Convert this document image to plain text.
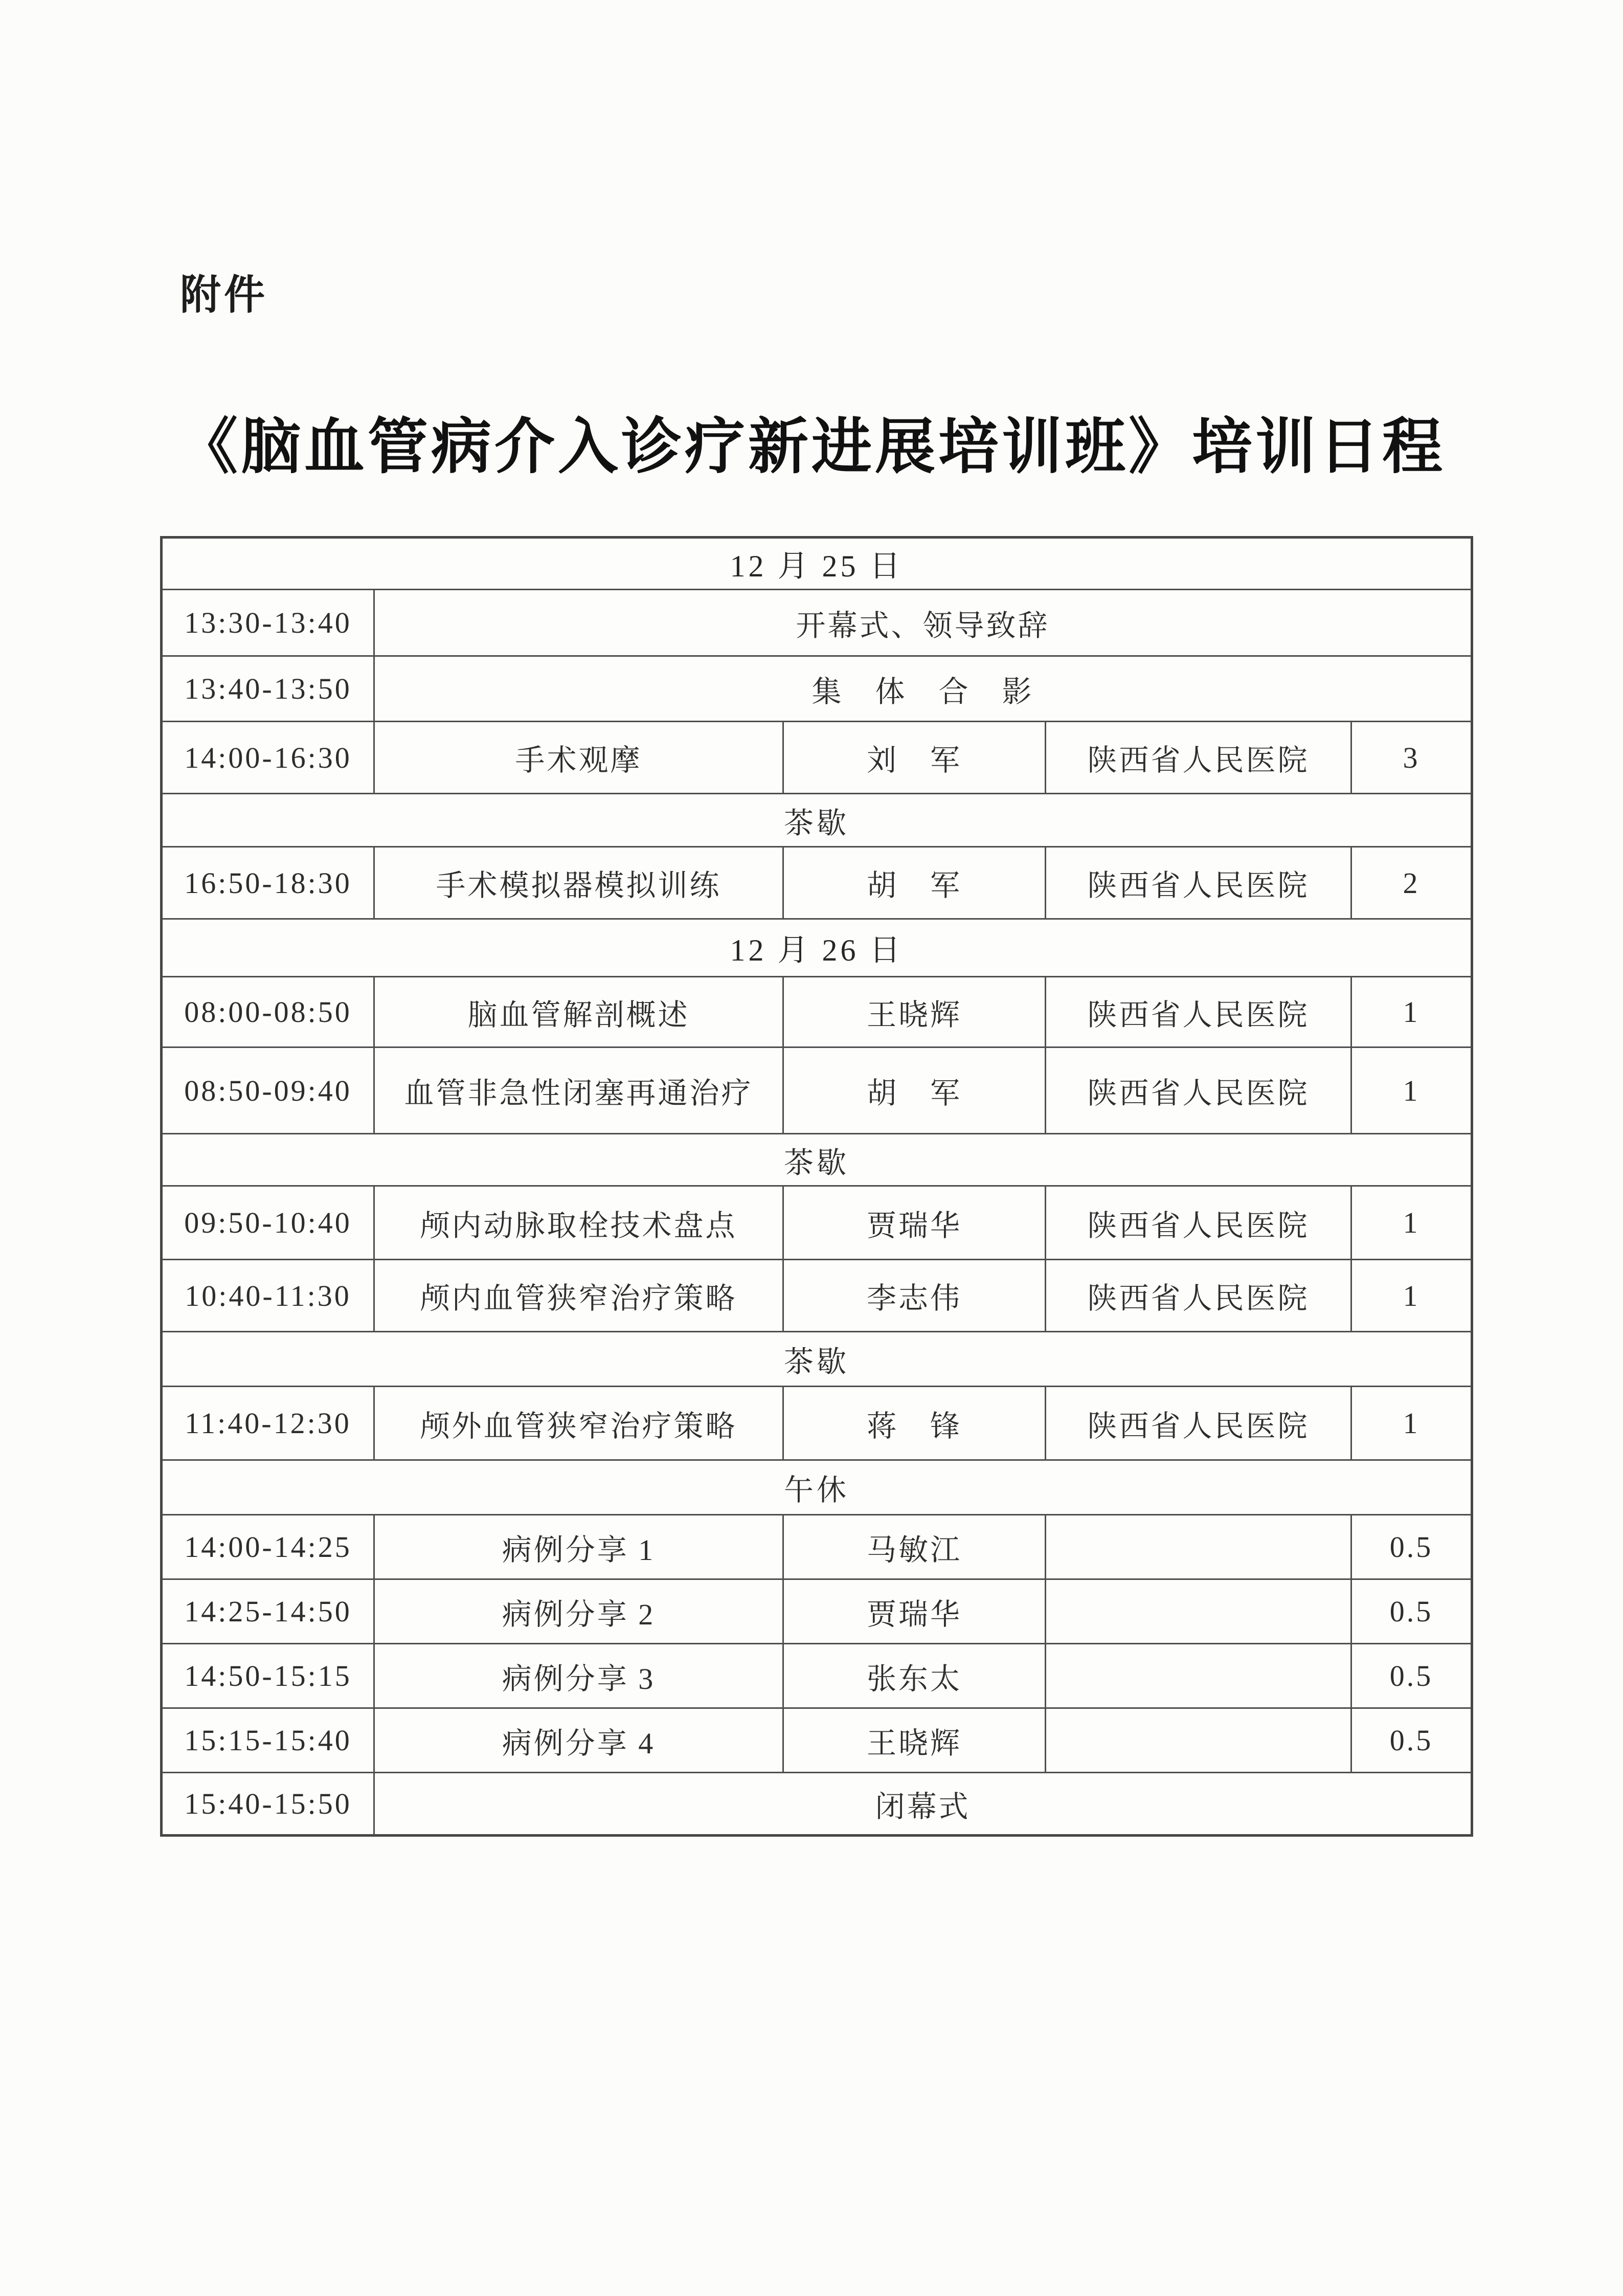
附件
《脑血管病介入诊疗新进展培训班》培训日程
12 月 25 日				
13:30-13:40	开幕式、领导致辞			
13:40-13:50	集　体　合　影			
14:00-16:30	手术观摩	刘　军	陕西省人民医院	3
茶歇				
16:50-18:30	手术模拟器模拟训练	胡　军	陕西省人民医院	2
12 月 26 日				
08:00-08:50	脑血管解剖概述	王晓辉	陕西省人民医院	1
08:50-09:40	血管非急性闭塞再通治疗	胡　军	陕西省人民医院	1
茶歇				
09:50-10:40	颅内动脉取栓技术盘点	贾瑞华	陕西省人民医院	1
10:40-11:30	颅内血管狭窄治疗策略	李志伟	陕西省人民医院	1
茶歇				
11:40-12:30	颅外血管狭窄治疗策略	蒋　锋	陕西省人民医院	1
午休				
14:00-14:25	病例分享 1	马敏江		0.5
14:25-14:50	病例分享 2	贾瑞华		0.5
14:50-15:15	病例分享 3	张东太		0.5
15:15-15:40	病例分享 4	王晓辉		0.5
15:40-15:50	闭幕式			
